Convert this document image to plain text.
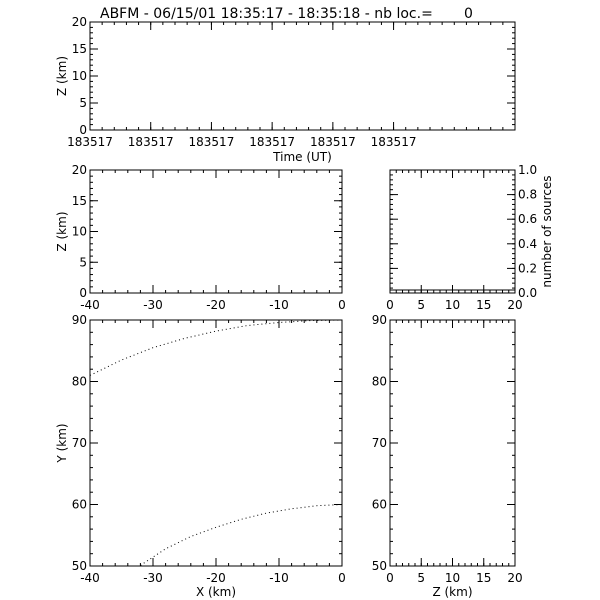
ABFM - 06/15/01 18:35:17 - 18:35:18 - nb loc.=       0
0
5
10
15
20
183517 183517 183517 183517 183517 183517
Time (UT)
Z (km)
0
5
10
15
20
-40	-30	-20	-10	0
Z (km)
0.0
0.2
0.4
0.6
0.8
1.0
0 5 10 15 20
number of sources
50
60
70
80
90
-40	-30	-20	-10	0
X (km)
Y (km)
50
60
70
80
90
0 5 10 15 20
Z (km)
